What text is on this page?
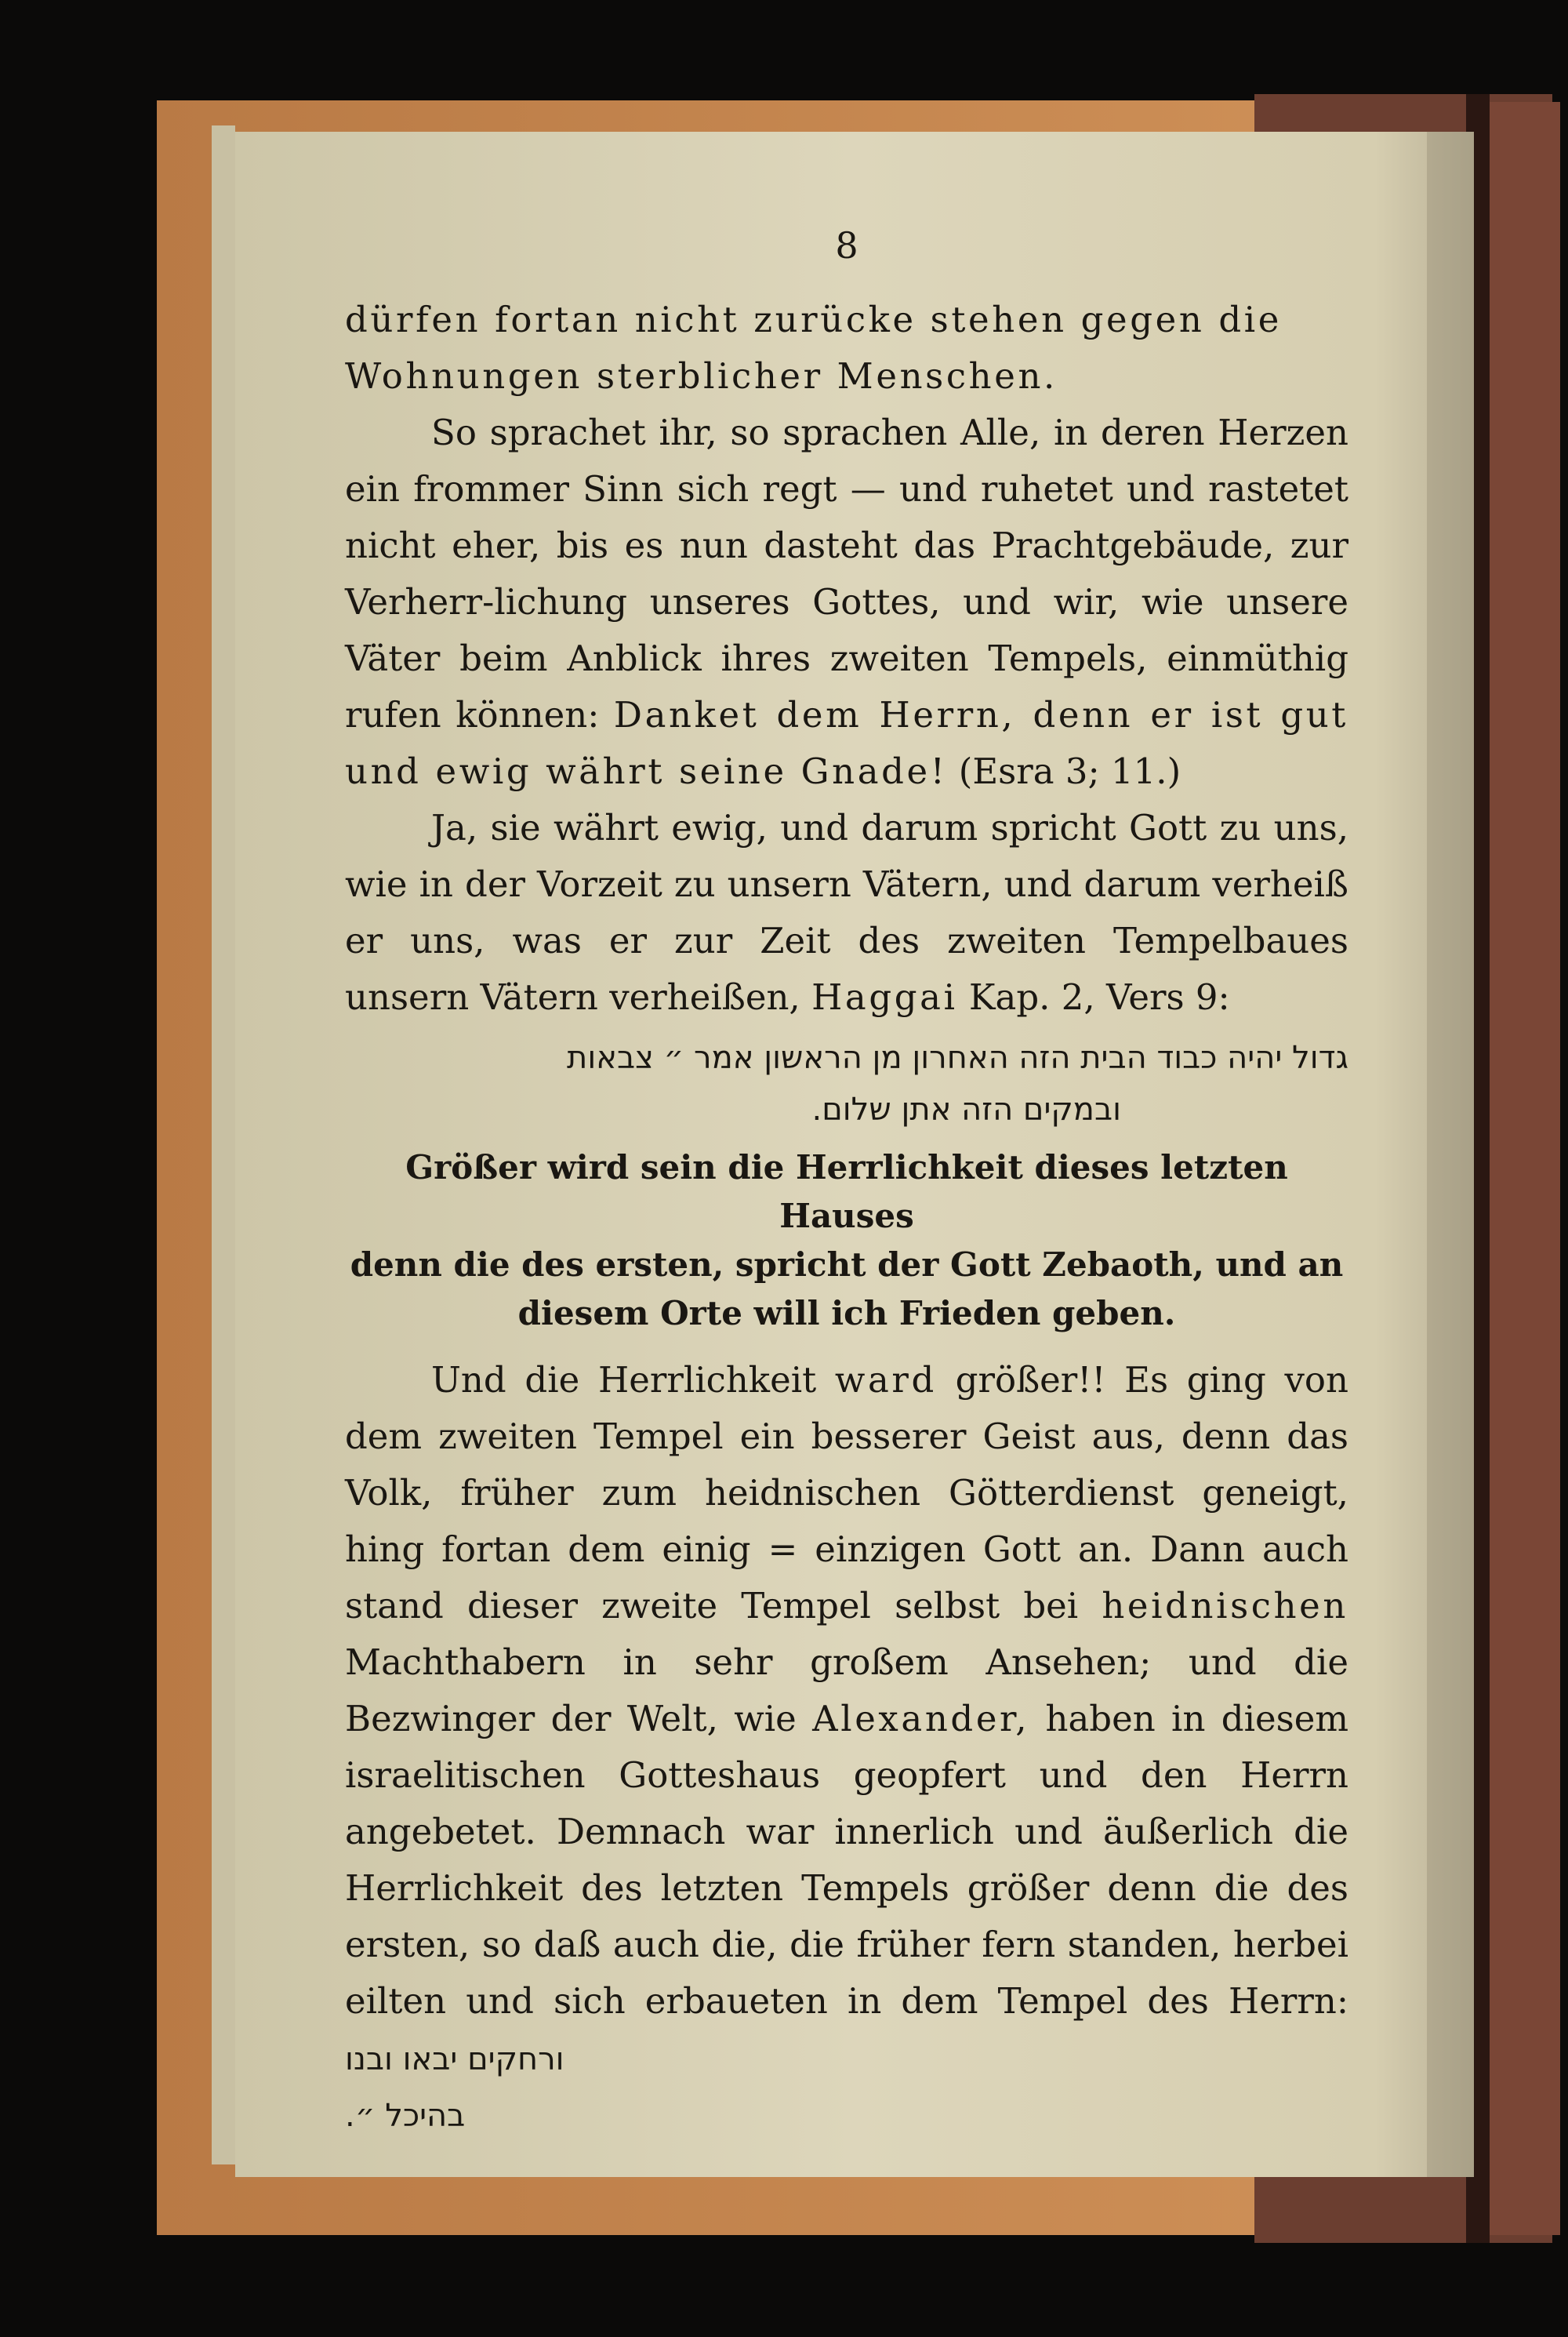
8

dürfen fortan nicht zurücke stehen gegen die

Wohnungen sterblicher Menschen.

So sprachet ihr, so sprachen Alle, in deren Herzen ein frommer Sinn sich regt — und ruhetet und rastetet nicht eher, bis es nun dasteht das Prachtgebäude, zur Verherr-lichung unseres Gottes, und wir, wie unsere Väter beim Anblick ihres zweiten Tempels, einmüthig rufen können: Danket dem Herrn, denn er ist gut und ewig währt seine Gnade! (Esra 3; 11.)

Ja, sie währt ewig, und darum spricht Gott zu uns, wie in der Vorzeit zu unsern Vätern, und darum verheiß er uns, was er zur Zeit des zweiten Tempelbaues unsern Vätern verheißen, Haggai Kap. 2, Vers 9:

גדול יהיה כבוד הבית הזה האחרון מן הראשון אמר ״ צבאות
ובמקים הזה אתן שלום.
Größer wird sein die Herrlichkeit dieses letzten Hauses
denn die des ersten, spricht der Gott Zebaoth, und an
diesem Orte will ich Frieden geben.

Und die Herrlichkeit ward größer!! Es ging von dem zweiten Tempel ein besserer Geist aus, denn das Volk, früher zum heidnischen Götterdienst geneigt, hing fortan dem einig = einzigen Gott an. Dann auch stand dieser zweite Tempel selbst bei heidnischen Machthabern in sehr großem Ansehen; und die Bezwinger der Welt, wie Alexander, haben in diesem israelitischen Gotteshaus geopfert und den Herrn angebetet. Demnach war innerlich und äußerlich die Herrlichkeit des letzten Tempels größer denn die des ersten, so daß auch die, die früher fern standen, herbei eilten und sich erbaueten in dem Tempel des Herrn: ורחקים יבאו ובנו

בהיכל ״.
